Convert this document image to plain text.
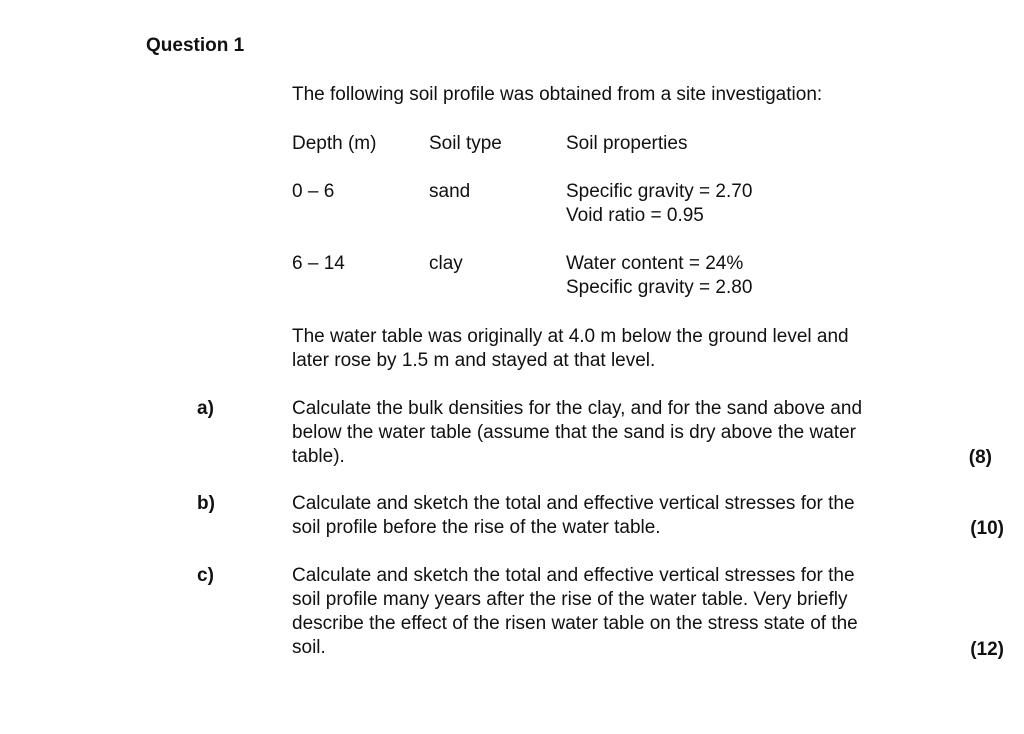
Question 1
The following soil profile was obtained from a site investigation:
Depth (m)	Soil type	Soil properties
0 – 6	sand	Specific gravity = 2.70
Void ratio = 0.95
6 – 14	clay	Water content = 24%
Specific gravity = 2.80
The water table was originally at 4.0 m below the ground level and
later rose by 1.5 m and stayed at that level.
a)	Calculate the bulk densities for the clay, and for the sand above and
below the water table (assume that the sand is dry above the water
table).	(8)
b)	Calculate and sketch the total and effective vertical stresses for the
soil profile before the rise of the water table.	(10)
c)	Calculate and sketch the total and effective vertical stresses for the
soil profile many years after the rise of the water table. Very briefly
describe the effect of the risen water table on the stress state of the
soil.	(12)
